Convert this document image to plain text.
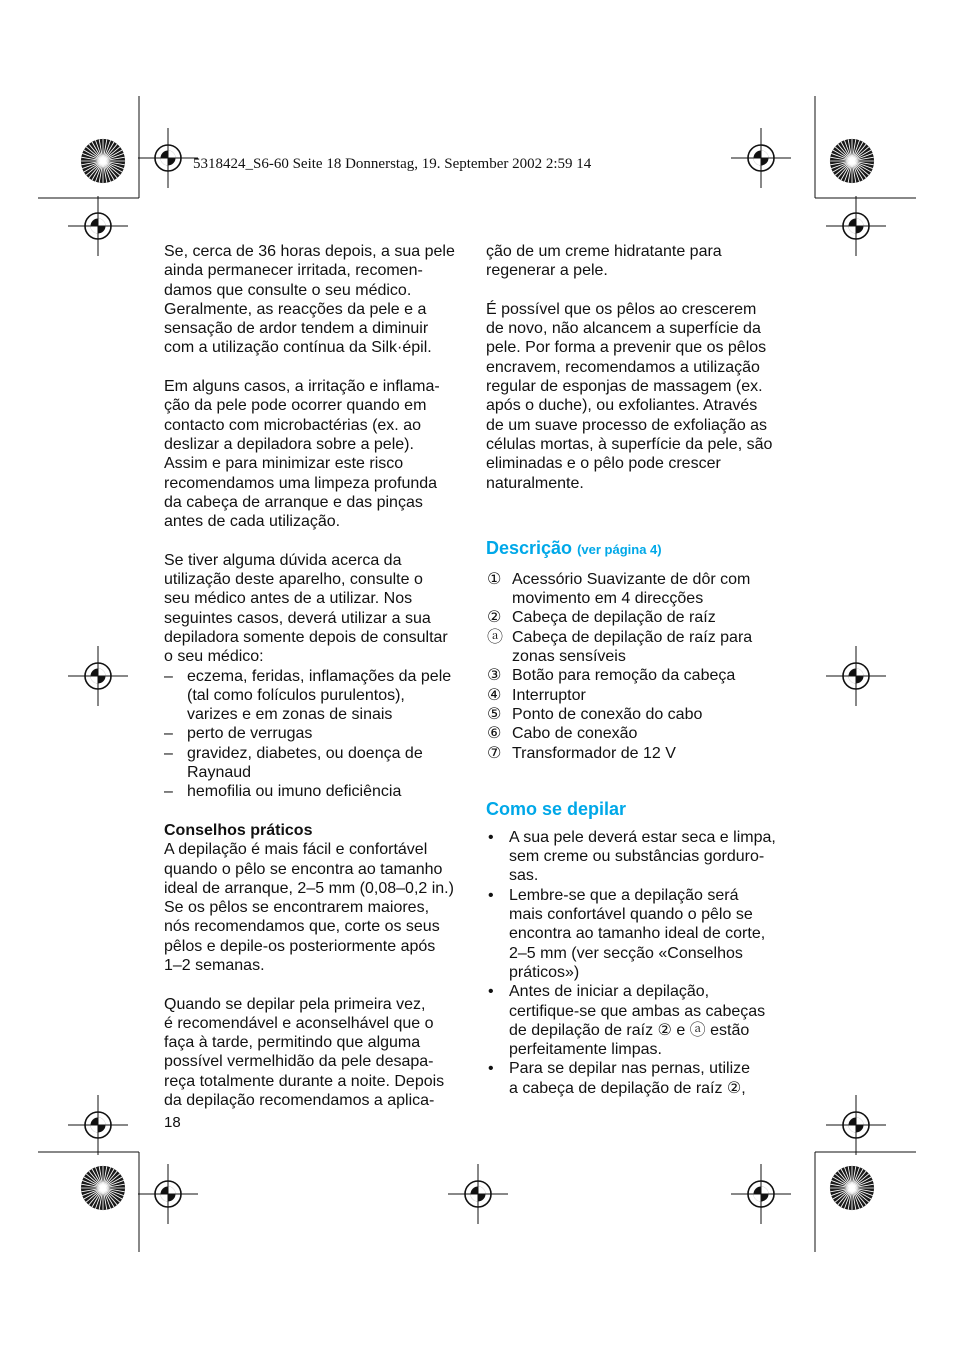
5318424_S6-60 Seite 18 Donnerstag, 19. September 2002 2:59 14

Se, cerca de 36 horas depois, a sua pele
ainda permanecer irritada, recomen-
damos que consulte o seu médico.
Geralmente, as reacções da pele e a
sensação de ardor tendem a diminuir
com a utilização contínua da Silk·épil.

Em alguns casos, a irritação e inflama-
ção da pele pode ocorrer quando em
contacto com microbactérias (ex. ao
deslizar a depiladora sobre a pele).
Assim e para minimizar este risco
recomendamos uma limpeza profunda
da cabeça de arranque e das pinças
antes de cada utilização.

Se tiver alguma dúvida acerca da
utilização deste aparelho, consulte o
seu médico antes de a utilizar. Nos
seguintes casos, deverá utilizar a sua
depiladora somente depois de consultar
o seu médico:

– eczema, feridas, inflamações da pele
(tal como folículos purulentos),
varizes e em zonas de sinais
– perto de verrugas
– gravidez, diabetes, ou doença de
Raynaud
– hemofilia ou imuno deficiência

Conselhos práticos

A depilação é mais fácil e confortável
quando o pêlo se encontra ao tamanho
ideal de arranque, 2–5 mm (0,08–0,2 in.)
Se os pêlos se encontrarem maiores,
nós recomendamos que, corte os seus
pêlos e depile-os posteriormente após
1–2 semanas.

Quando se depilar pela primeira vez,
é recomendável e aconselhável que o
faça à tarde, permitindo que alguma
possível vermelhidão da pele desapa-
reça totalmente durante a noite. Depois
da depilação recomendamos a aplica-

ção de um creme hidratante para
regenerar a pele.

É possível que os pêlos ao crescerem
de novo, não alcancem a superfície da
pele. Por forma a prevenir que os pêlos
encravem, recomendamos a utilização
regular de esponjas de massagem (ex.
após o duche), ou exfoliantes. Através
de um suave processo de exfoliação as
células mortas, à superfície da pele, são
eliminadas e o pêlo pode crescer
naturalmente.

Descrição (ver página 4)

① Acessório Suavizante de dôr com
movimento em 4 direcções
② Cabeça de depilação de raíz
ⓐ Cabeça de depilação de raíz para
zonas sensíveis
③ Botão para remoção da cabeça
④ Interruptor
⑤ Ponto de conexão do cabo
⑥ Cabo de conexão
⑦ Transformador de 12 V

Como se depilar

• A sua pele deverá estar seca e limpa,
sem creme ou substâncias gorduro-
sas.
• Lembre-se que a depilação será
mais confortável quando o pêlo se
encontra ao tamanho ideal de corte,
2–5 mm (ver secção «Conselhos
práticos»)
• Antes de iniciar a depilação,
certifique-se que ambas as cabeças
de depilação de raíz ② e ⓐ estão
perfeitamente limpas.
• Para se depilar nas pernas, utilize
a cabeça de depilação de raíz ②,
18
